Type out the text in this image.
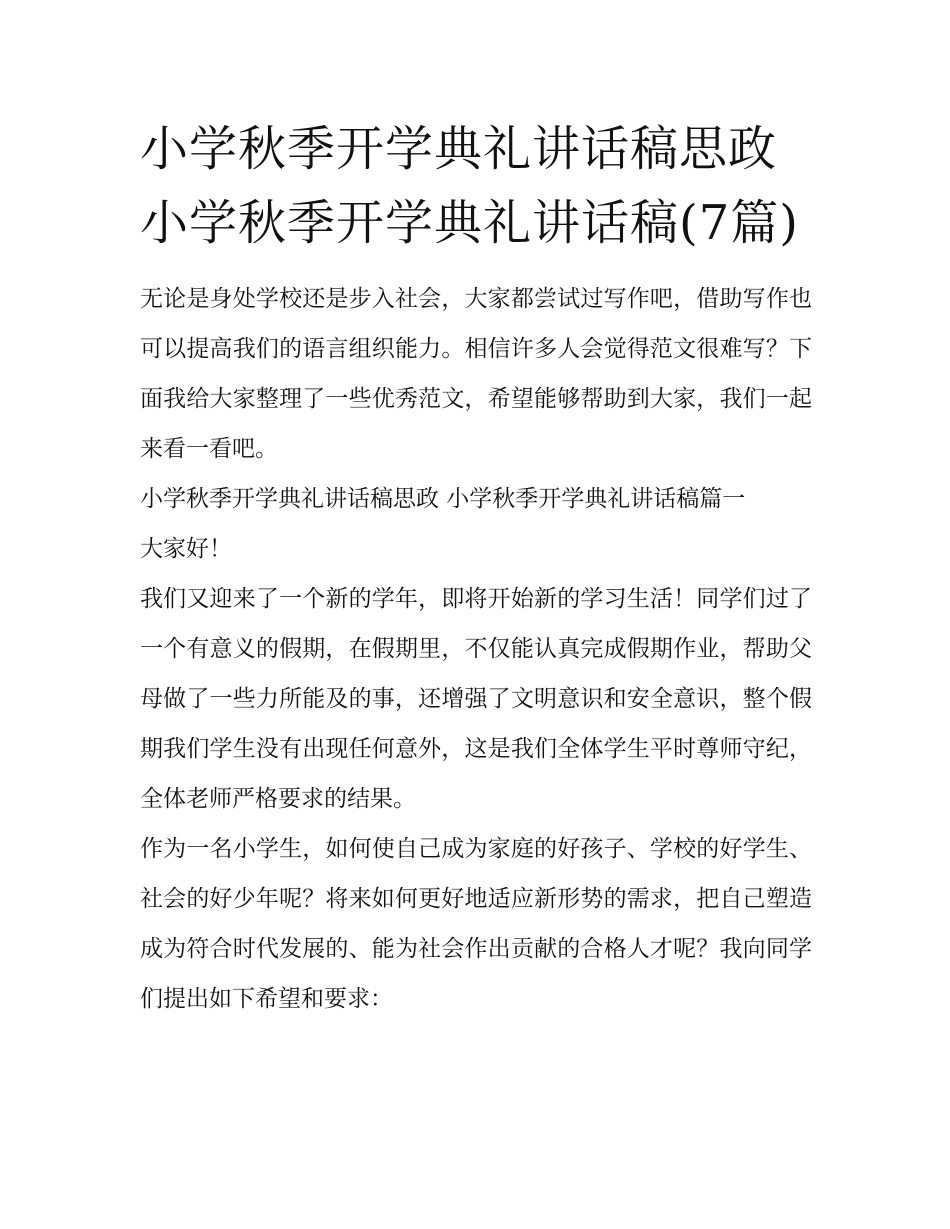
小学秋季开学典礼讲话稿思政 小学秋季开学典礼讲话稿(7篇)

无论是身处学校还是步入社会，大家都尝试过写作吧，借助写作也可以提高我们的语言组织能力。相信许多人会觉得范文很难写？下面我给大家整理了一些优秀范文，希望能够帮助到大家，我们一起来看一看吧。

小学秋季开学典礼讲话稿思政 小学秋季开学典礼讲话稿篇一

大家好！

我们又迎来了一个新的学年，即将开始新的学习生活！同学们过了一个有意义的假期，在假期里，不仅能认真完成假期作业，帮助父母做了一些力所能及的事，还增强了文明意识和安全意识，整个假期我们学生没有出现任何意外，这是我们全体学生平时尊师守纪，全体老师严格要求的结果。

作为一名小学生，如何使自己成为家庭的好孩子、学校的好学生、社会的好少年呢？将来如何更好地适应新形势的需求，把自己塑造成为符合时代发展的、能为社会作出贡献的合格人才呢？我向同学们提出如下希望和要求：
